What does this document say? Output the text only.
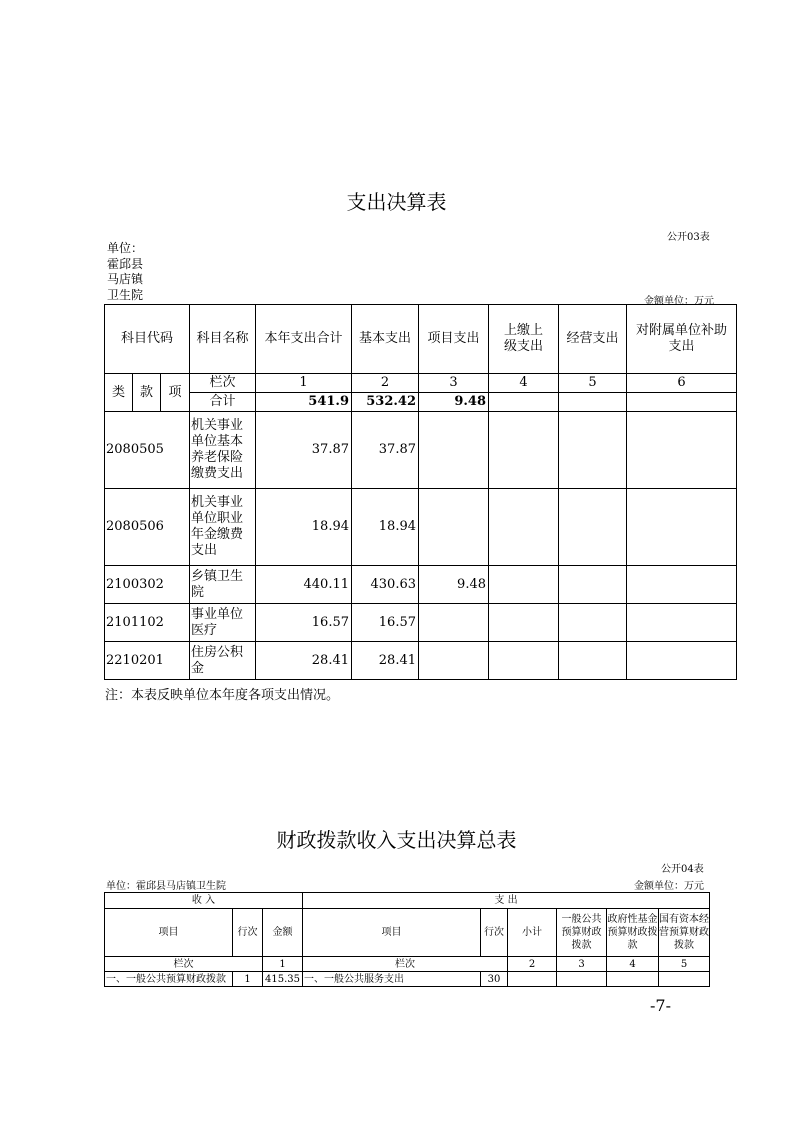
支出决算表
公开03表
单位：
霍邱县
马店镇
卫生院	金额单位：万元
科目代码			科目名称	本年支出合计	基本支出	项目支出	上缴上级支出	经营支出	对附属单位补助支出
类	款	项	栏次	1	2	3	4	5	6
			合计	541.9	532.42	9.48			
2080505			机关事业单位基本养老保险缴费支出	37.87	37.87				
2080506			机关事业单位职业年金缴费支出	18.94	18.94				
2100302			乡镇卫生院	440.11	430.63	9.48			
2101102			事业单位医疗	16.57	16.57				
2210201			住房公积金	28.41	28.41				
注：本表反映单位本年度各项支出情况。
财政拨款收入支出决算总表
公开04表
单位：霍邱县马店镇卫生院	金额单位：万元
收 入			支 出					
项目	行次	金额	项目	行次	小计	一般公共预算财政拨款	政府性基金预算财政拨款	国有资本经营预算财政拨款
栏次		1	栏次		2	3	4	5
一、一般公共预算财政拨款	1	415.35	一、一般公共服务支出	30				
-7-
